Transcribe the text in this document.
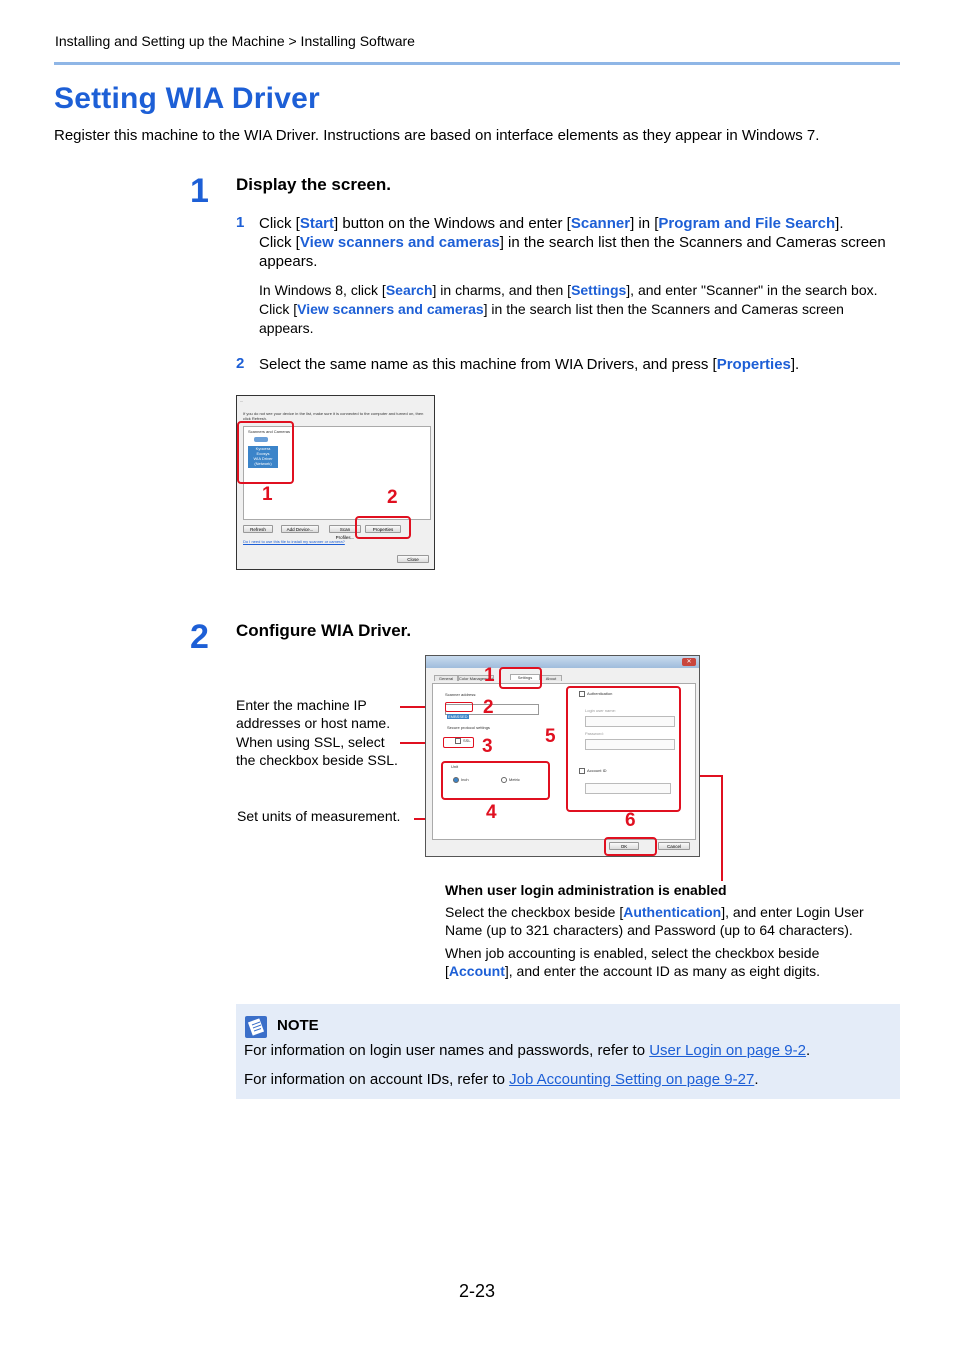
Installing and Setting up the Machine > Installing Software
Setting WIA Driver
Register this machine to the WIA Driver. Instructions are based on interface elements as they appear in Windows 7.
1 Display the screen.
1 Click [Start] button on the Windows and enter [Scanner] in [Program and File Search].
Click [View scanners and cameras] in the search list then the Scanners and Cameras screen appears.
In Windows 8, click [Search] in charms, and then [Settings], and enter "Scanner" in the search box.
Click [View scanners and cameras] in the search list then the Scanners and Cameras screen appears.
2 Select the same name as this machine from WIA Drivers, and press [Properties].
...
If you do not see your device in the list, make sure it is connected to the computer and turned on, then click Refresh.
Scanners and Cameras
Kyocera
Ecosys
WIA Driver
(Network)
Refresh	Add Device...	Scan Profiles...
Properties
Do I need to use this file to install my scanner or camera?
Close
1	2
2 Configure WIA Driver.
Enter the machine IP addresses or host name.
When using SSL, select the checkbox beside SSL.
Set units of measurement.
✕
General	Color Management	Settings	About
Scanner address:
EMBSSED
Secure protocol settings
SSL
Unit
Inch	Metric
Authentication
Login user name:
Password:
Account ID
OK	Cancel
1
2
3
4
5
6
When user login administration is enabled
Select the checkbox beside [Authentication], and enter Login User Name (up to 321 characters) and Password (up to 64 characters).
When job accounting is enabled, select the checkbox beside [Account], and enter the account ID as many as eight digits.
NOTE
For information on login user names and passwords, refer to User Login on page 9-2.
For information on account IDs, refer to Job Accounting Setting on page 9-27.
2-23
